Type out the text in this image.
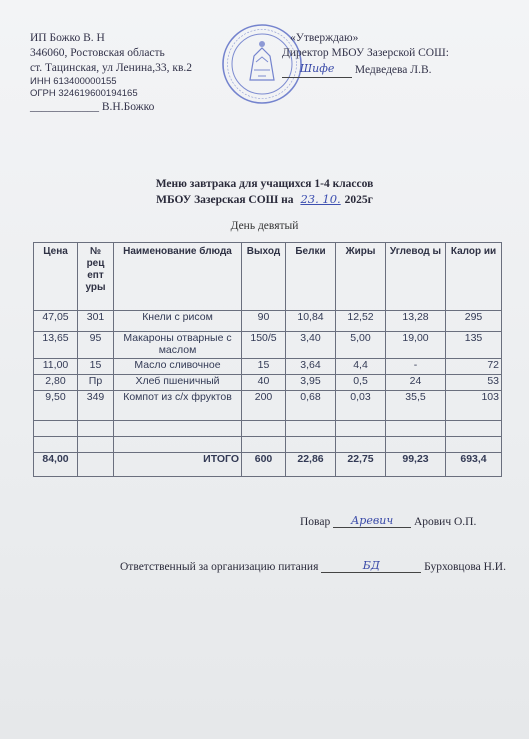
ИП Божко В. Н
346060, Ростовская область
ст. Тацинская, ул Ленина,33, кв.2
ИНН 613400000155
ОГРН 324619600194165
____________ В.Н.Божко
«Утверждаю»
Директор МБОУ Зазерской СОШ:
Шифе Медведева Л.В.
Меню завтрака для учащихся 1-4 классов
МБОУ Зазерская СОШ на 23. 10. 2025г
День девятый
Цена	№ рец епт уры	Наименование блюда	Выход	Белки	Жиры	Углевод ы	Калор ии
47,05	301	Кнели с рисом	90	10,84	12,52	13,28	295
13,65	95	Макароны отварные с маслом	150/5	3,40	5,00	19,00	135
11,00	15	Масло сливочное	15	3,64	4,4	-	72
2,80	Пр	Хлеб пшеничный	40	3,95	0,5	24	53
9,50	349	Компот из с/х фруктов	200	0,68	0,03	35,5	103

84,00		ИТОГО	600	22,86	22,75	99,23	693,4
Повар Аревич Арович О.П.
Ответственный за организацию питания	БД	Бурховцова Н.И.
